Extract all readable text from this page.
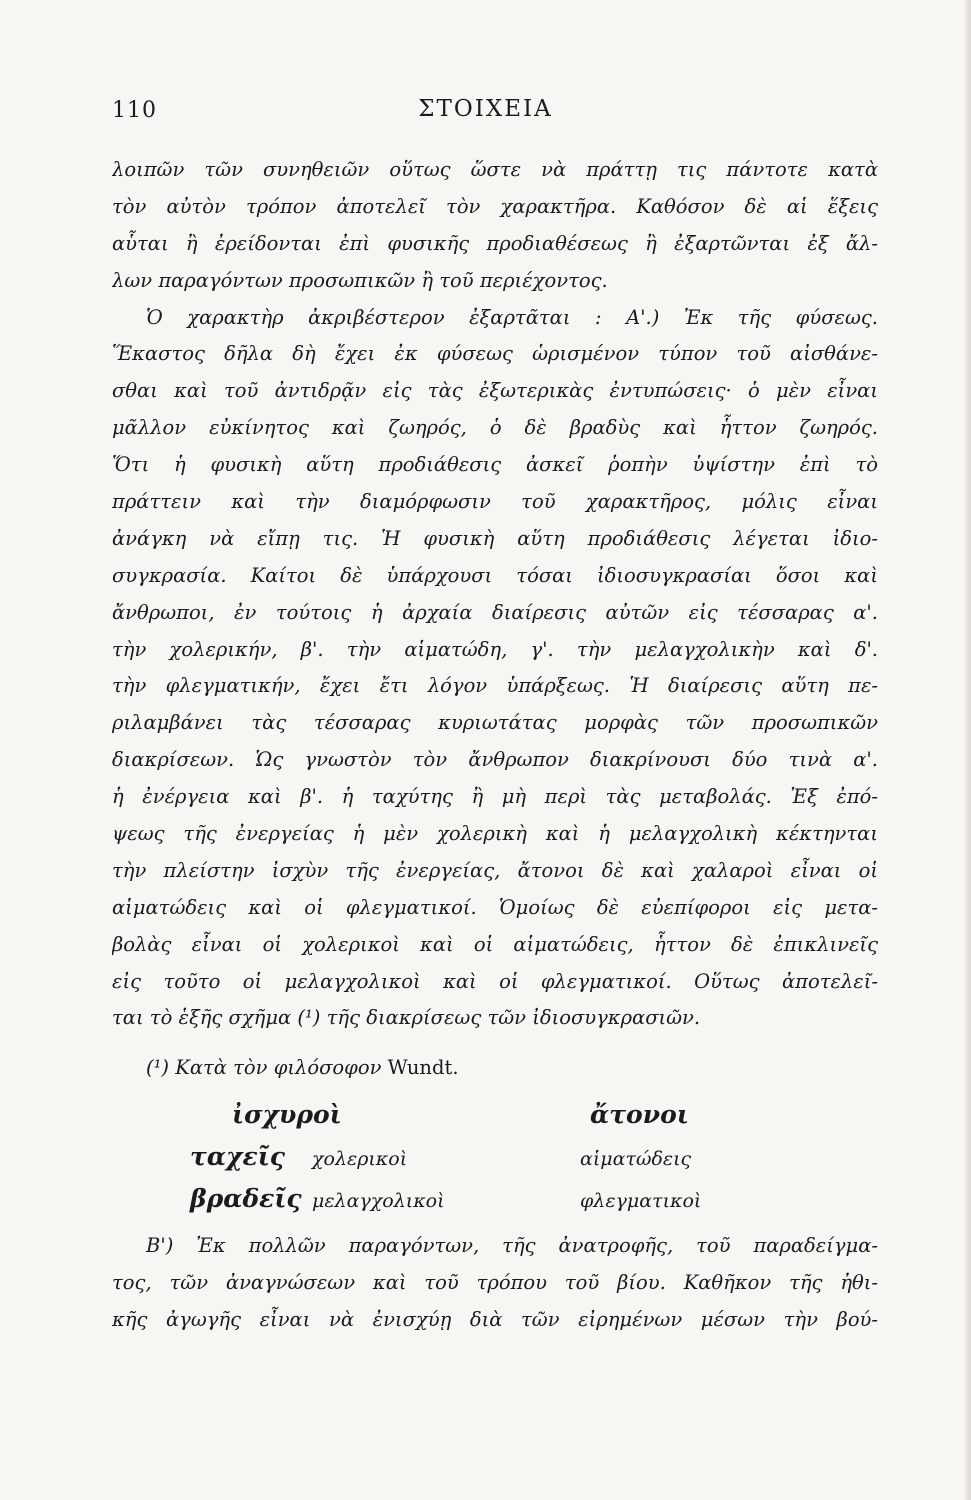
110	ΣΤΟΙΧΕΙΑ
λοιπῶν τῶν συνηθειῶν οὕτως ὥστε νὰ πράττῃ τις πάντοτε κατὰ
τὸν αὐτὸν τρόπον ἀποτελεῖ τὸν χαρακτῆρα. Καθόσον δὲ αἱ ἕξεις
αὗται ἢ ἐρείδονται ἐπὶ φυσικῆς προδιαθέσεως ἢ ἐξαρτῶνται ἐξ ἄλ-
λων παραγόντων προσωπικῶν ἢ τοῦ περιέχοντος.
Ὁ χαρακτὴρ ἀκριβέστερον ἐξαρτᾶται : Α'.) Ἐκ τῆς φύσεως.
Ἕκαστος δῆλα δὴ ἔχει ἐκ φύσεως ὡρισμένον τύπον τοῦ αἰσθάνε-
σθαι καὶ τοῦ ἀντιδρᾷν εἰς τὰς ἐξωτερικὰς ἐντυπώσεις· ὁ μὲν εἶναι
μᾶλλον εὐκίνητος καὶ ζωηρός, ὁ δὲ βραδὺς καὶ ἧττον ζωηρός.
Ὅτι ἡ φυσικὴ αὕτη προδιάθεσις ἀσκεῖ ῥοπὴν ὑψίστην ἐπὶ τὸ
πράττειν καὶ τὴν διαμόρφωσιν τοῦ χαρακτῆρος, μόλις εἶναι
ἀνάγκη νὰ εἴπῃ τις. Ἡ φυσικὴ αὕτη προδιάθεσις λέγεται ἰδιο-
συγκρασία. Καίτοι δὲ ὑπάρχουσι τόσαι ἰδιοσυγκρασίαι ὅσοι καὶ
ἄνθρωποι, ἐν τούτοις ἡ ἀρχαία διαίρεσις αὐτῶν εἰς τέσσαρας α'.
τὴν χολερικήν, β'. τὴν αἱματώδη, γ'. τὴν μελαγχολικὴν καὶ δ'.
τὴν φλεγματικήν, ἔχει ἔτι λόγον ὑπάρξεως. Ἡ διαίρεσις αὕτη πε-
ριλαμβάνει τὰς τέσσαρας κυριωτάτας μορφὰς τῶν προσωπικῶν
διακρίσεων. Ὡς γνωστὸν τὸν ἄνθρωπον διακρίνουσι δύο τινὰ α'.
ἡ ἐνέργεια καὶ β'. ἡ ταχύτης ἢ μὴ περὶ τὰς μεταβολάς. Ἐξ ἐπό-
ψεως τῆς ἐνεργείας ἡ μὲν χολερικὴ καὶ ἡ μελαγχολικὴ κέκτηνται
τὴν πλείστην ἰσχὺν τῆς ἐνεργείας, ἄτονοι δὲ καὶ χαλαροὶ εἶναι οἱ
αἱματώδεις καὶ οἱ φλεγματικοί. Ὁμοίως δὲ εὐεπίφοροι εἰς μετα-
βολὰς εἶναι οἱ χολερικοὶ καὶ οἱ αἱματώδεις, ἧττον δὲ ἐπικλινεῖς
εἰς τοῦτο οἱ μελαγχολικοὶ καὶ οἱ φλεγματικοί. Οὕτως ἀποτελεῖ-
ται τὸ ἑξῆς σχῆμα (¹) τῆς διακρίσεως τῶν ἰδιοσυγκρασιῶν.
(¹) Κατὰ τὸν φιλόσοφον Wundt.
ἰσχυροὶ	ἄτονοι
ταχεῖς χολερικοὶ	αἱματώδεις
βραδεῖς μελαγχολικοὶ	φλεγματικοὶ
Β') Ἐκ πολλῶν παραγόντων, τῆς ἀνατροφῆς, τοῦ παραδείγμα-
τος, τῶν ἀναγνώσεων καὶ τοῦ τρόπου τοῦ βίου. Καθῆκον τῆς ἠθι-
κῆς ἀγωγῆς εἶναι νὰ ἐνισχύῃ διὰ τῶν εἰρημένων μέσων τὴν βού-
